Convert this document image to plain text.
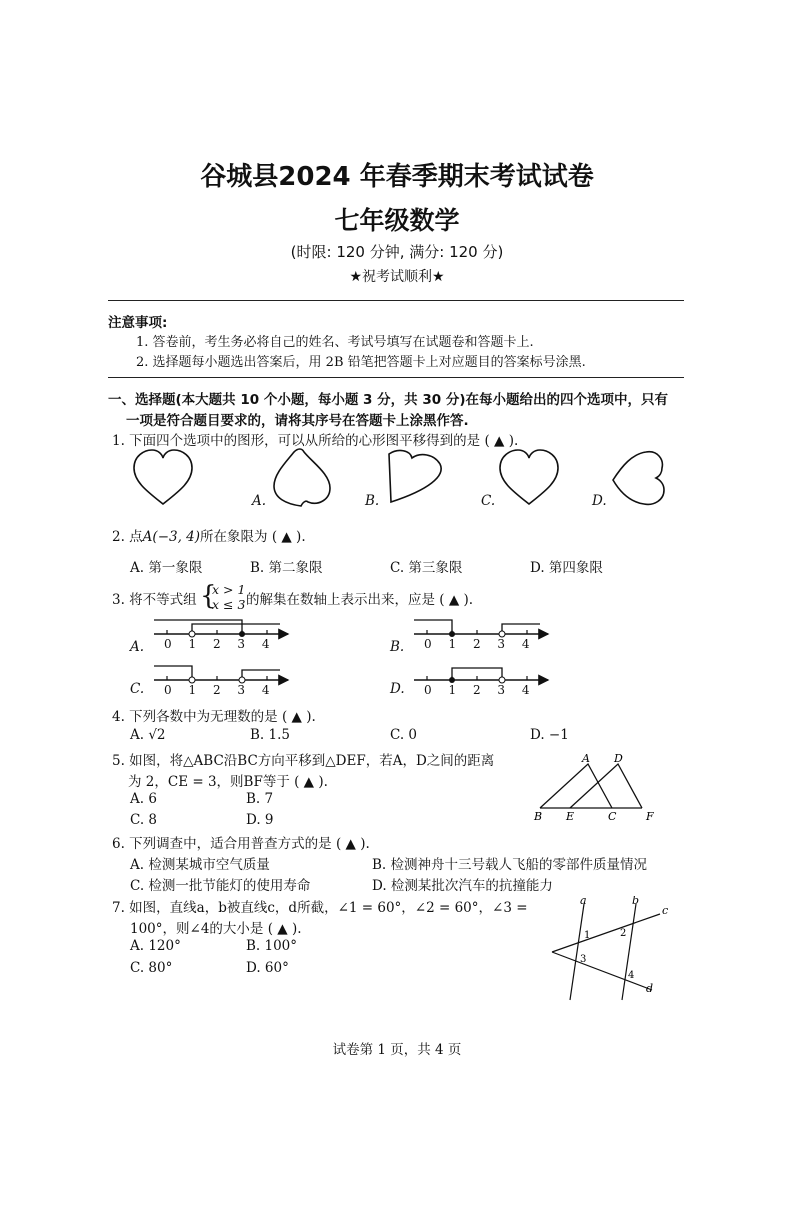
谷城县2024 年春季期末考试试卷
七年级数学
(时限: 120 分钟, 满分: 120 分)
★祝考试顺利★
注意事项:
1. 答卷前，考生务必将自己的姓名、考试号填写在试题卷和答题卡上.
2. 选择题每小题选出答案后，用 2B 铅笔把答题卡上对应题目的答案标号涂黑.
一、选择题(本大题共 10 个小题，每小题 3 分，共 30 分)在每小题给出的四个选项中，只有
一项是符合题目要求的，请将其序号在答题卡上涂黑作答.
1. 下面四个选项中的图形，可以从所给的心形图平移得到的是 ( ▲ ).
A.	B.	C.	D.
2. 点A(−3, 4)所在象限为 ( ▲ ).
A. 第一象限	B. 第二象限	C. 第三象限	D. 第四象限
3. 将不等式组 {
x > 1
x ≤ 3 的解集在数轴上表示出来，应是 ( ▲ ).
0 1 2 3 4	0 1 2 3 4
0 1 2 3 4	0 1 2 3 4
A.	B.
C.	D.
4. 下列各数中为无理数的是 ( ▲ ).
A. √2	B. 1.5	C. 0	D. −1
5. 如图，将△ABC沿BC方向平移到△DEF，若A，D之间的距离
为 2，CE = 3，则BF等于 ( ▲ ).
A. 6	B. 7
C. 8	D. 9
A D
B E	C	F
6. 下列调查中，适合用普查方式的是 ( ▲ ).
A. 检测某城市空气质量	B. 检测神舟十三号载人飞船的零部件质量情况
C. 检测一批节能灯的使用寿命	D. 检测某批次汽车的抗撞能力
7. 如图，直线a，b被直线c，d所截，∠1 = 60°，∠2 = 60°，∠3 =
100°，则∠4的大小是 ( ▲ ).
A. 120°	B. 100°
C. 80°	D. 60°
a	b
c
d
1	2
3
4
试卷第 1 页，共 4 页
